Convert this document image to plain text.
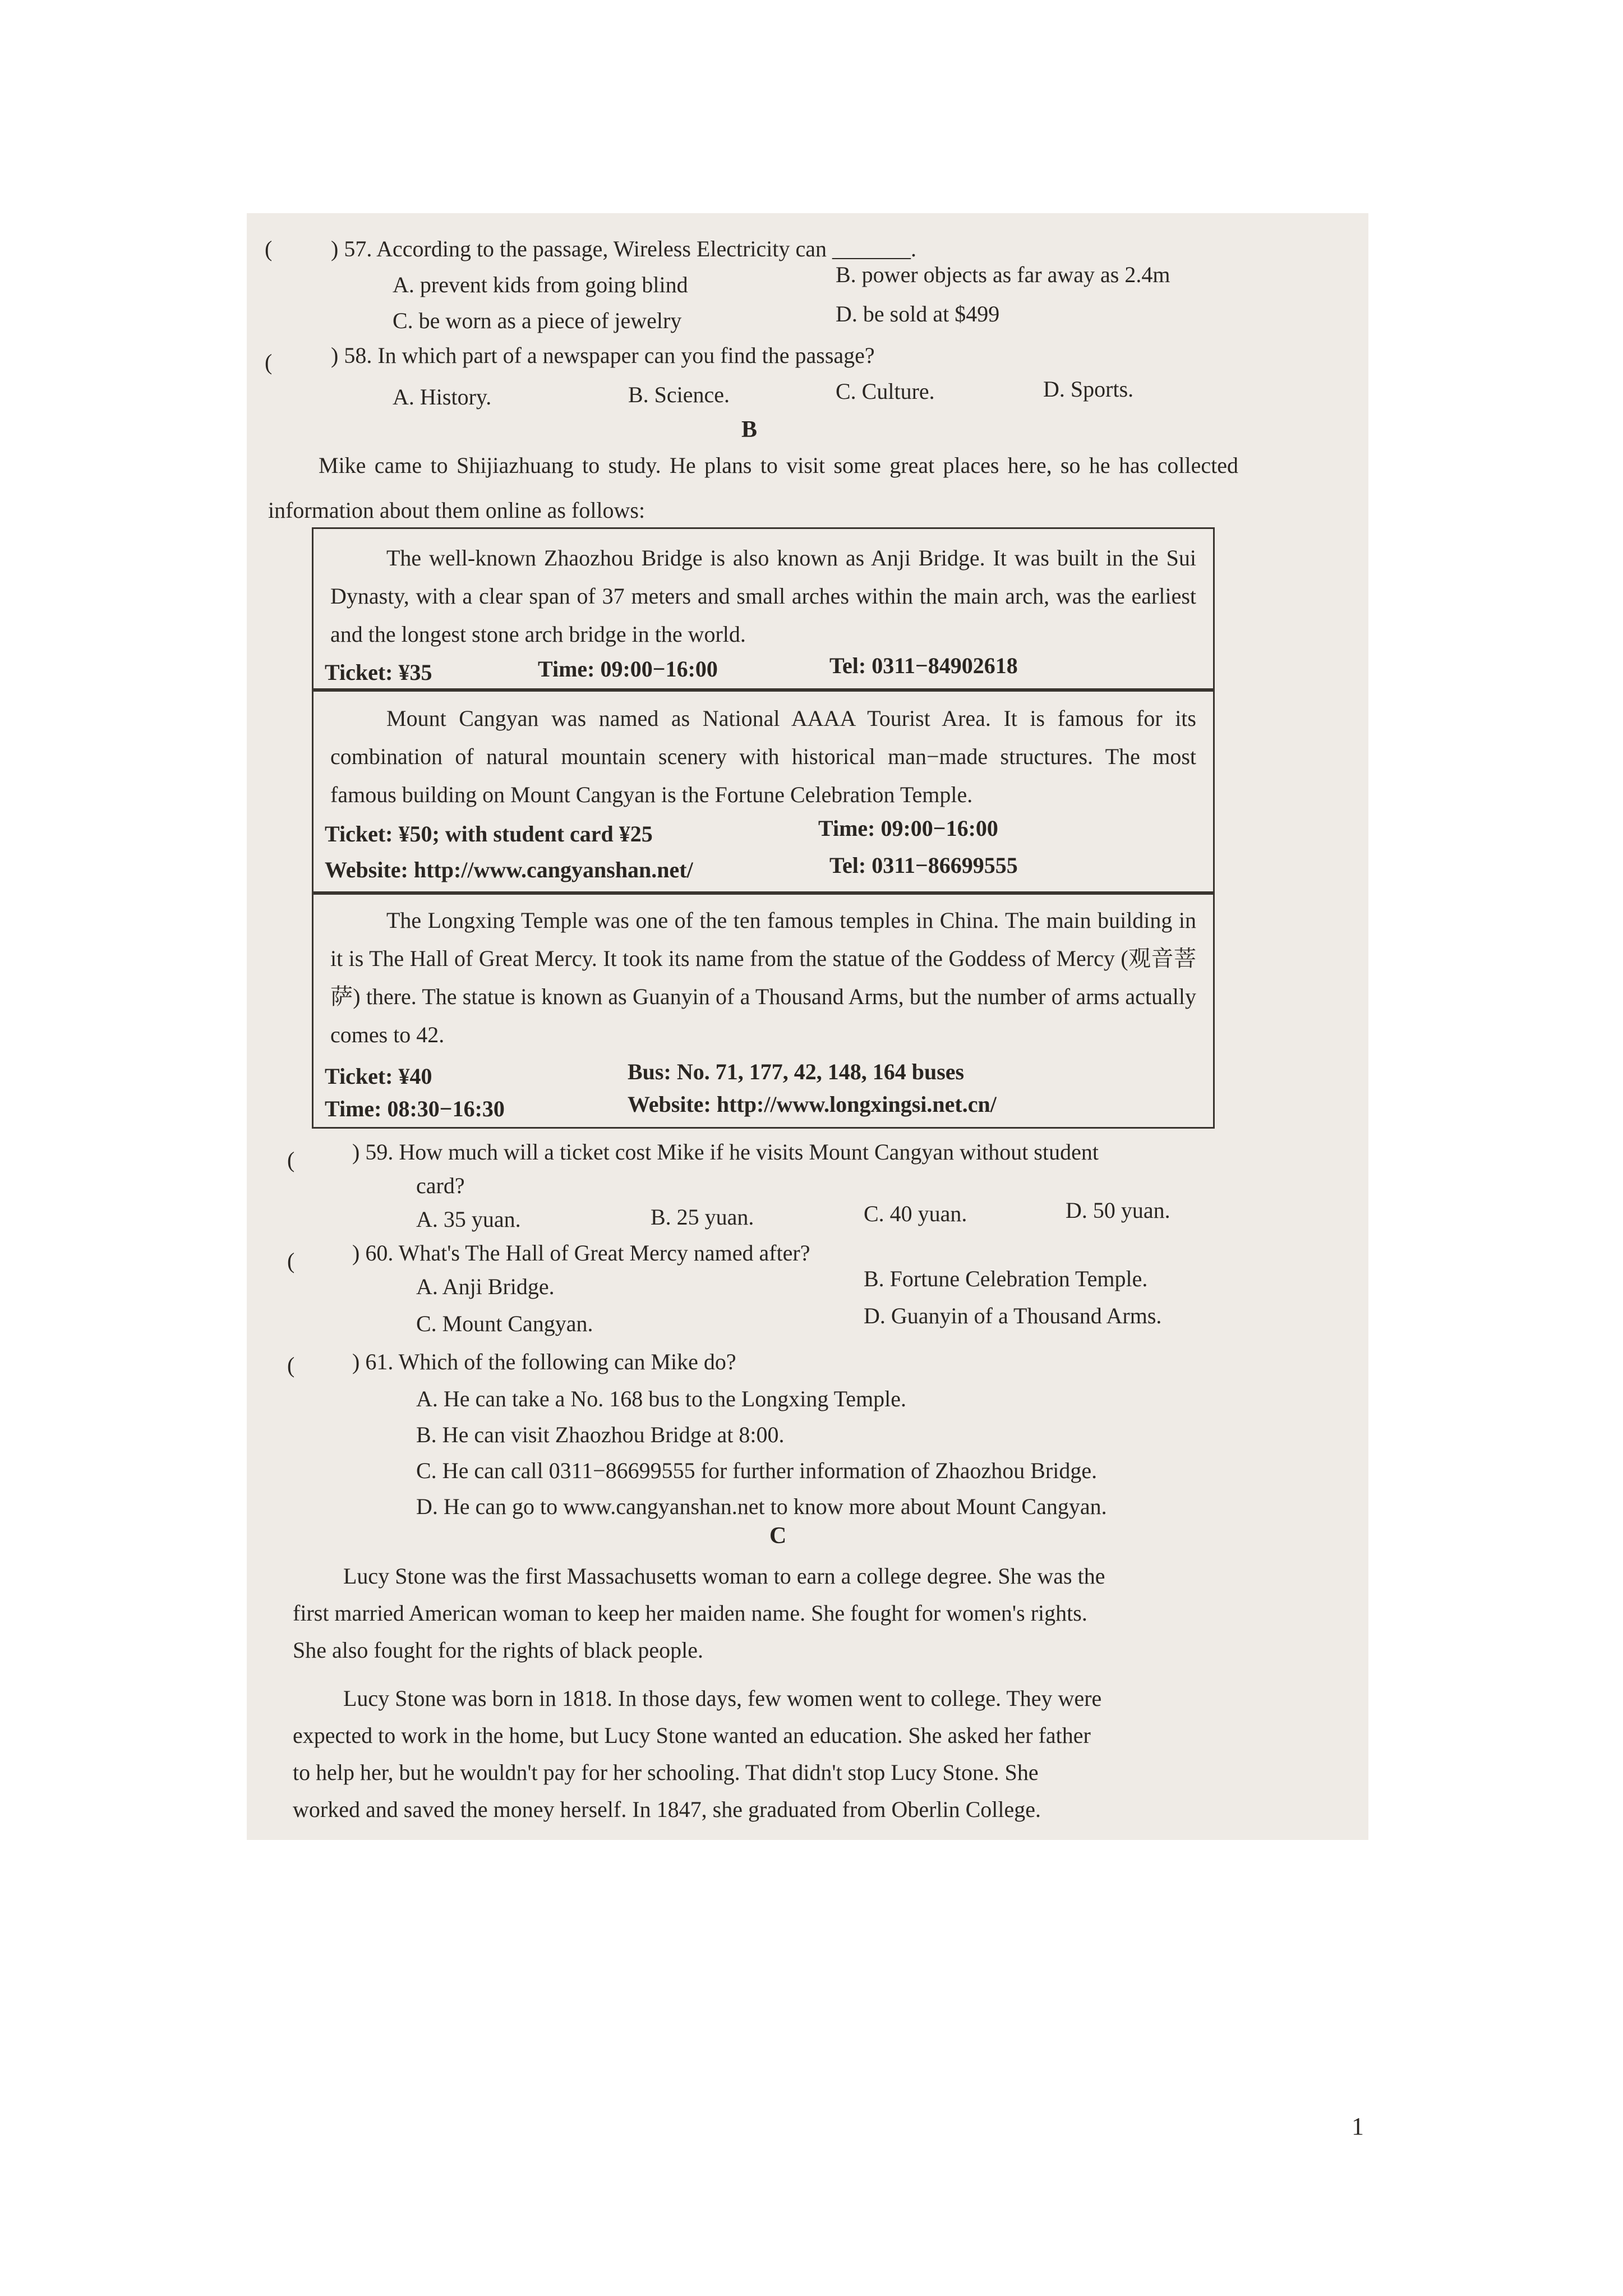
(	) 57. According to the passage, Wireless Electricity can _______.
A. prevent kids from going blind	B. power objects as far away as 2.4m
C. be worn as a piece of jewelry	D. be sold at $499
(	) 58. In which part of a newspaper can you find the passage?
A. History.	B. Science.	C. Culture.	D. Sports.
B
Mike came to Shijiazhuang to study. He plans to visit some great places here, so he has collected information about them online as follows:
The well-known Zhaozhou Bridge is also known as Anji Bridge. It was built in the Sui Dynasty, with a clear span of 37 meters and small arches within the main arch, was the earliest and the longest stone arch bridge in the world.
Ticket: ¥35	Time: 09:00−16:00	Tel: 0311−84902618
Mount Cangyan was named as National AAAA Tourist Area. It is famous for its combination of natural mountain scenery with historical man−made structures. The most famous building on Mount Cangyan is the Fortune Celebration Temple.
Ticket: ¥50; with student card ¥25	Time: 09:00−16:00
Website: http://www.cangyanshan.net/	Tel: 0311−86699555
The Longxing Temple was one of the ten famous temples in China. The main building in it is The Hall of Great Mercy. It took its name from the statue of the Goddess of Mercy (观音菩萨) there. The statue is known as Guanyin of a Thousand Arms, but the number of arms actually comes to 42.
Ticket: ¥40	Bus: No. 71, 177, 42, 148, 164 buses
Time: 08:30−16:30	Website: http://www.longxingsi.net.cn/
(	) 59. How much will a ticket cost Mike if he visits Mount Cangyan without student
card?
A. 35 yuan.	B. 25 yuan.	C. 40 yuan.	D. 50 yuan.
(	) 60. What's The Hall of Great Mercy named after?
A. Anji Bridge.	B. Fortune Celebration Temple.
C. Mount Cangyan.	D. Guanyin of a Thousand Arms.
(	) 61. Which of the following can Mike do?
A. He can take a No. 168 bus to the Longxing Temple.
B. He can visit Zhaozhou Bridge at 8:00.
C. He can call 0311−86699555 for further information of Zhaozhou Bridge.
D. He can go to www.cangyanshan.net to know more about Mount Cangyan.
C
Lucy Stone was the first Massachusetts woman to earn a college degree. She was the
first married American woman to keep her maiden name. She fought for women's rights.
She also fought for the rights of black people.
Lucy Stone was born in 1818. In those days, few women went to college. They were
expected to work in the home, but Lucy Stone wanted an education. She asked her father
to help her, but he wouldn't pay for her schooling. That didn't stop Lucy Stone. She
worked and saved the money herself. In 1847, she graduated from Oberlin College.
1
